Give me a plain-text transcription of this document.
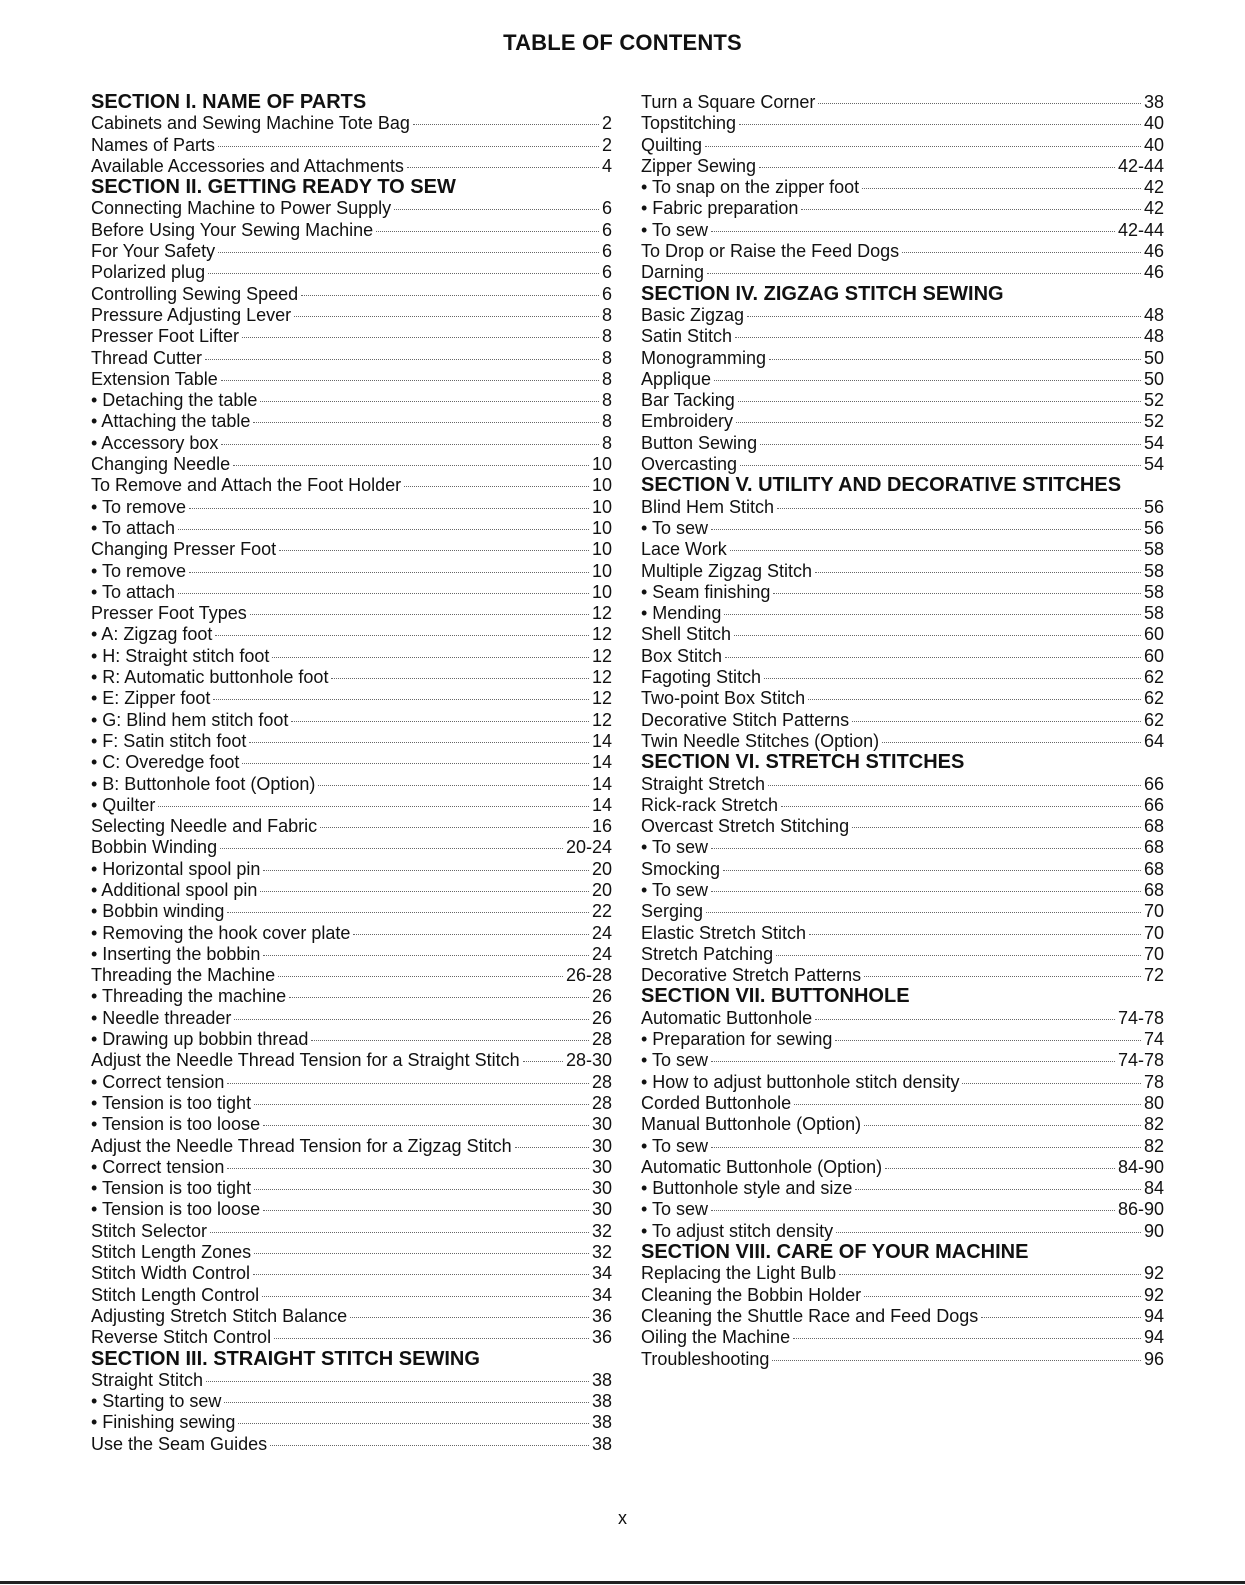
TABLE OF CONTENTS
SECTION I. NAME OF PARTS
Cabinets and Sewing Machine Tote Bag	2
Names of Parts	2
Available Accessories and Attachments	4
SECTION II. GETTING READY TO SEW
Connecting Machine to Power Supply	6
Before Using Your Sewing Machine	6
For Your Safety	6
Polarized plug	6
Controlling Sewing Speed	6
Pressure Adjusting Lever	8
Presser Foot Lifter	8
Thread Cutter	8
Extension Table	8
• Detaching the table	8
• Attaching the table	8
• Accessory box	8
Changing Needle	10
To Remove and Attach the Foot Holder	10
• To remove	10
• To attach	10
Changing Presser Foot	10
• To remove	10
• To attach	10
Presser Foot Types	12
• A: Zigzag foot	12
• H: Straight stitch foot	12
• R: Automatic buttonhole foot	12
• E: Zipper foot	12
• G: Blind hem stitch foot	12
• F: Satin stitch foot	14
• C: Overedge foot	14
• B: Buttonhole foot (Option)	14
• Quilter	14
Selecting Needle and Fabric	16
Bobbin Winding	20-24
• Horizontal spool pin	20
• Additional spool pin	20
• Bobbin winding	22
• Removing the hook cover plate	24
• Inserting the bobbin	24
Threading the Machine	26-28
• Threading the machine	26
• Needle threader	26
• Drawing up bobbin thread	28
Adjust the Needle Thread Tension for a Straight Stitch	28-30
• Correct tension	28
• Tension is too tight	28
• Tension is too loose	30
Adjust the Needle Thread Tension for a Zigzag Stitch	30
• Correct tension	30
• Tension is too tight	30
• Tension is too loose	30
Stitch Selector	32
Stitch Length Zones	32
Stitch Width Control	34
Stitch Length Control	34
Adjusting Stretch Stitch Balance	36
Reverse Stitch Control	36
SECTION III. STRAIGHT STITCH SEWING
Straight Stitch	38
• Starting to sew	38
• Finishing sewing	38
Use the Seam Guides	38
Turn a Square Corner	38
Topstitching	40
Quilting	40
Zipper Sewing	42-44
• To snap on the zipper foot	42
• Fabric preparation	42
• To sew	42-44
To Drop or Raise the Feed Dogs	46
Darning	46
SECTION IV. ZIGZAG STITCH SEWING
Basic Zigzag	48
Satin Stitch	48
Monogramming	50
Applique	50
Bar Tacking	52
Embroidery	52
Button Sewing	54
Overcasting	54
SECTION V. UTILITY AND DECORATIVE STITCHES
Blind Hem Stitch	56
• To sew	56
Lace Work	58
Multiple Zigzag Stitch	58
• Seam finishing	58
• Mending	58
Shell Stitch	60
Box Stitch	60
Fagoting Stitch	62
Two-point Box Stitch	62
Decorative Stitch Patterns	62
Twin Needle Stitches (Option)	64
SECTION VI. STRETCH STITCHES
Straight Stretch	66
Rick-rack Stretch	66
Overcast Stretch Stitching	68
• To sew	68
Smocking	68
• To sew	68
Serging	70
Elastic Stretch Stitch	70
Stretch Patching	70
Decorative Stretch Patterns	72
SECTION VII. BUTTONHOLE
Automatic Buttonhole	74-78
• Preparation for sewing	74
• To sew	74-78
• How to adjust buttonhole stitch density	78
Corded Buttonhole	80
Manual Buttonhole (Option)	82
• To sew	82
Automatic Buttonhole (Option)	84-90
• Buttonhole style and size	84
• To sew	86-90
• To adjust stitch density	90
SECTION VIII. CARE OF YOUR MACHINE
Replacing the Light Bulb	92
Cleaning the Bobbin Holder	92
Cleaning the Shuttle Race and Feed Dogs	94
Oiling the Machine	94
Troubleshooting	96
x
